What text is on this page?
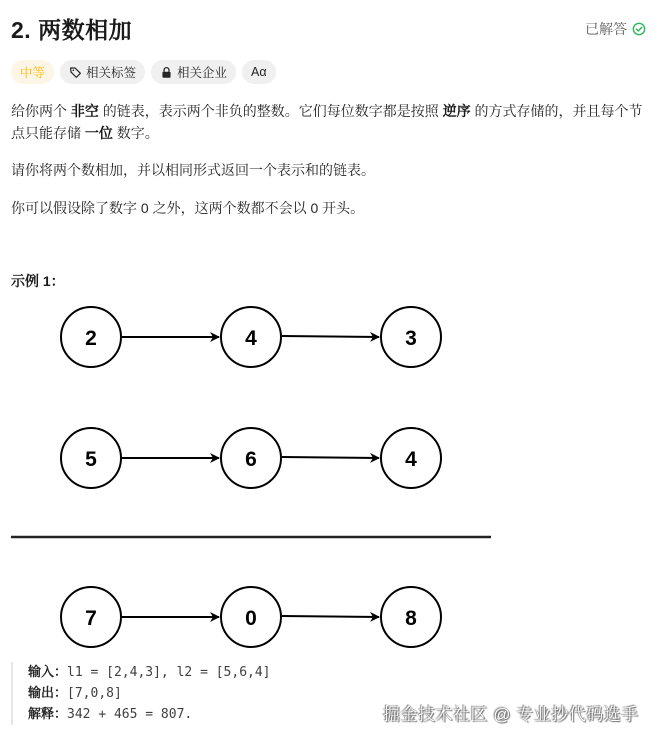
2. 两数相加	已解答
中等	相关标签	相关企业 Aα

给你两个 非空 的链表，表示两个非负的整数。它们每位数字都是按照 逆序 的方式存储的，并且每个节点只能存储 一位 数字。

请你将两个数相加，并以相同形式返回一个表示和的链表。

你可以假设除了数字 0 之外，这两个数都不会以 0 开头。

示例 1：
2	4	3
5	6	4
7	0	8
输入：l1 = [2,4,3], l2 = [5,6,4]
输出：[7,0,8]
解释：342 + 465 = 807.	掘金技术社区 @ 专业抄代码选手
